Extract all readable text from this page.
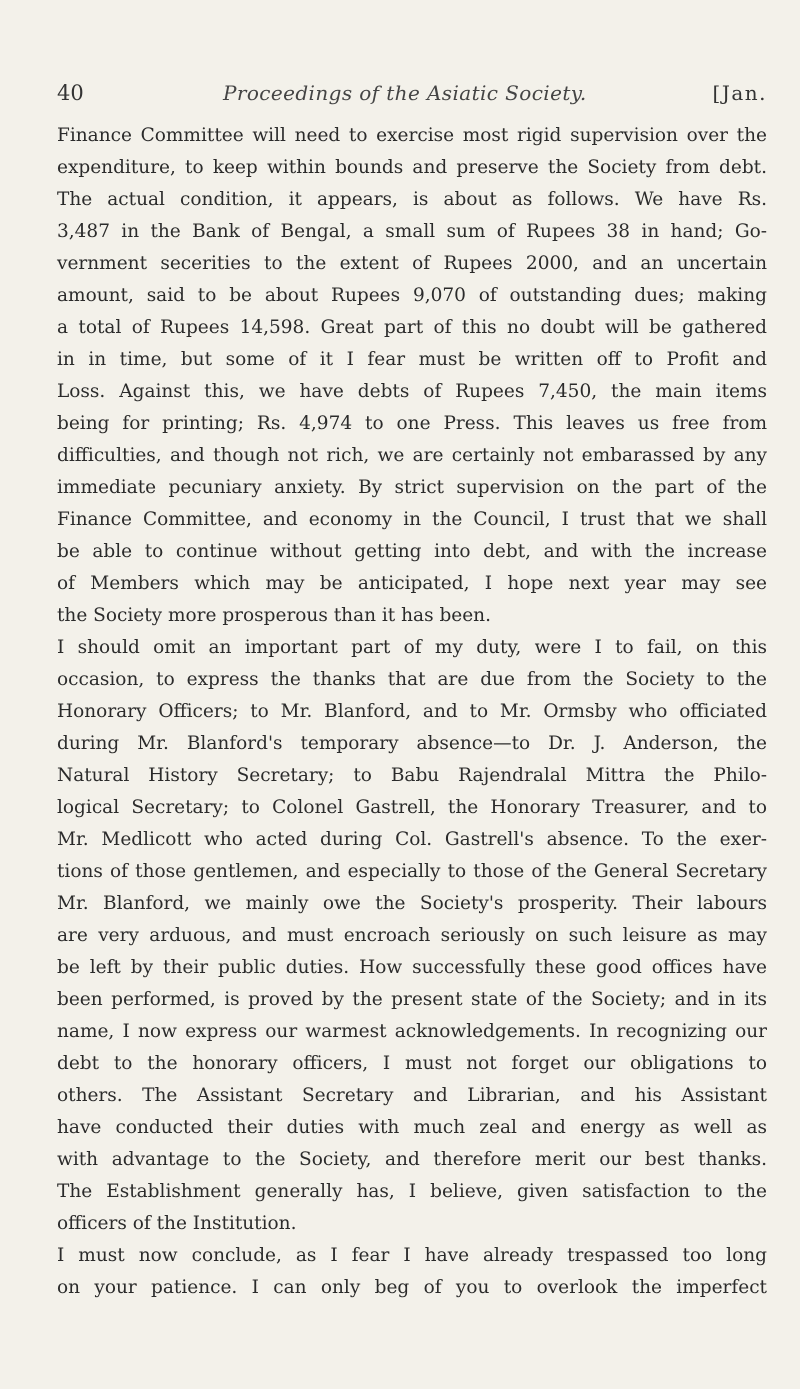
40	Proceedings of the Asiatic Society.	[Jan.
Finance Committee will need to exercise most rigid supervision over the
expenditure, to keep within bounds and preserve the Society from debt.
The actual condition, it appears, is about as follows. We have Rs.
3,487 in the Bank of Bengal, a small sum of Rupees 38 in hand; Go-
vernment secerities to the extent of Rupees 2000, and an uncertain
amount, said to be about Rupees 9,070 of outstanding dues; making
a total of Rupees 14,598. Great part of this no doubt will be gathered
in in time, but some of it I fear must be written off to Profit and
Loss. Against this, we have debts of Rupees 7,450, the main items
being for printing; Rs. 4,974 to one Press. This leaves us free from
difficulties, and though not rich, we are certainly not embarassed by any
immediate pecuniary anxiety. By strict supervision on the part of the
Finance Committee, and economy in the Council, I trust that we shall
be able to continue without getting into debt, and with the increase
of Members which may be anticipated, I hope next year may see
the Society more prosperous than it has been.
I should omit an important part of my duty, were I to fail, on this
occasion, to express the thanks that are due from the Society to the
Honorary Officers; to Mr. Blanford, and to Mr. Ormsby who officiated
during Mr. Blanford's temporary absence—to Dr. J. Anderson, the
Natural History Secretary; to Babu Rajendralal Mittra the Philo-
logical Secretary; to Colonel Gastrell, the Honorary Treasurer, and to
Mr. Medlicott who acted during Col. Gastrell's absence. To the exer-
tions of those gentlemen, and especially to those of the General Secretary
Mr. Blanford, we mainly owe the Society's prosperity. Their labours
are very arduous, and must encroach seriously on such leisure as may
be left by their public duties. How successfully these good offices have
been performed, is proved by the present state of the Society; and in its
name, I now express our warmest acknowledgements. In recognizing our
debt to the honorary officers, I must not forget our obligations to
others. The Assistant Secretary and Librarian, and his Assistant
have conducted their duties with much zeal and energy as well as
with advantage to the Society, and therefore merit our best thanks.
The Establishment generally has, I believe, given satisfaction to the
officers of the Institution.
I must now conclude, as I fear I have already trespassed too long
on your patience. I can only beg of you to overlook the imperfect
